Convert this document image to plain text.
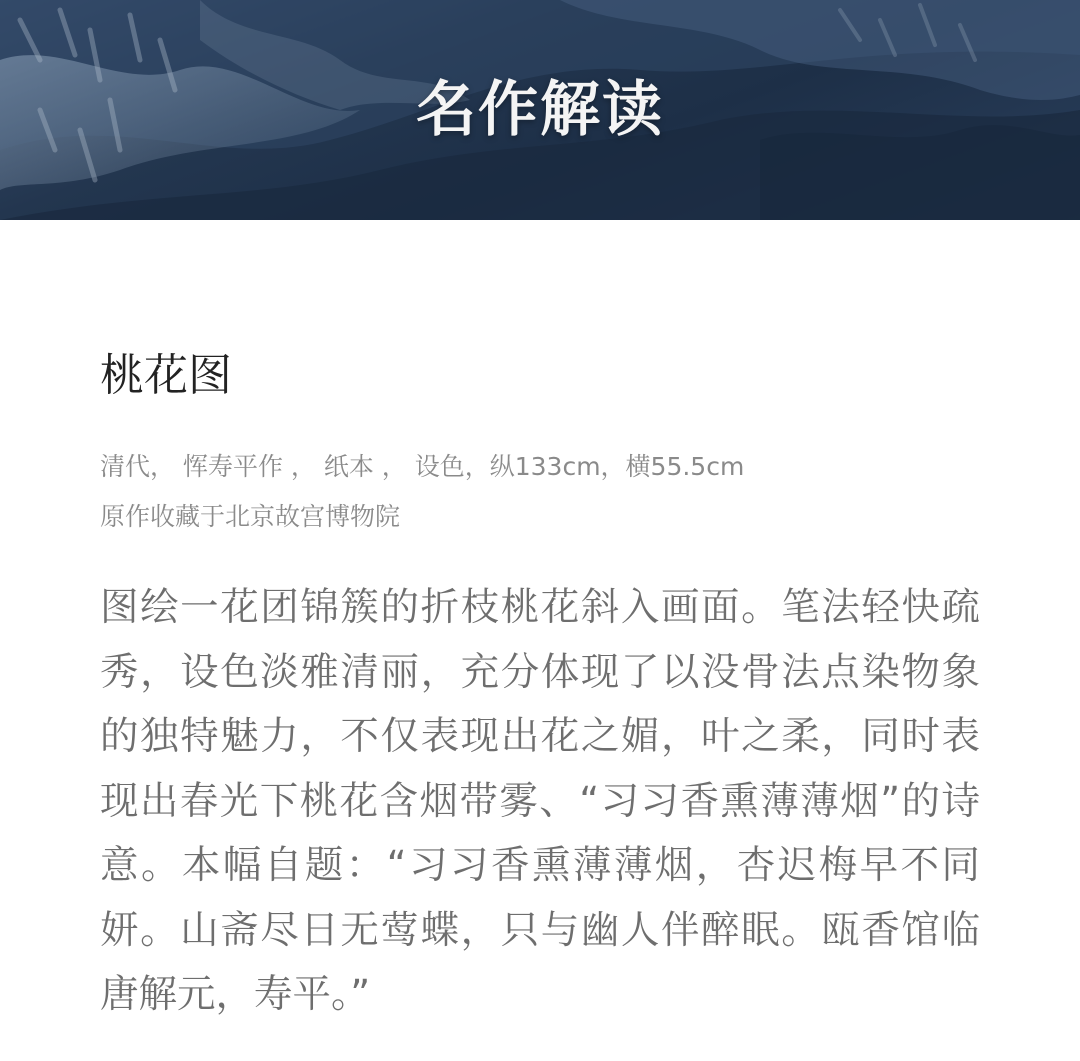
名作解读
桃花图
清代， 恽寿平作 ， 纸本 ， 设色，纵133cm，横55.5cm
原作收藏于北京故宫博物院

图绘一花团锦簇的折枝桃花斜入画面。笔法轻快疏秀，设色淡雅清丽，充分体现了以没骨法点染物象的独特魅力，不仅表现出花之媚，叶之柔，同时表现出春光下桃花含烟带雾、“习习香熏薄薄烟”的诗意。本幅自题：“习习香熏薄薄烟，杏迟梅早不同妍。山斋尽日无莺蝶，只与幽人伴醉眠。瓯香馆临唐解元，寿平。”
